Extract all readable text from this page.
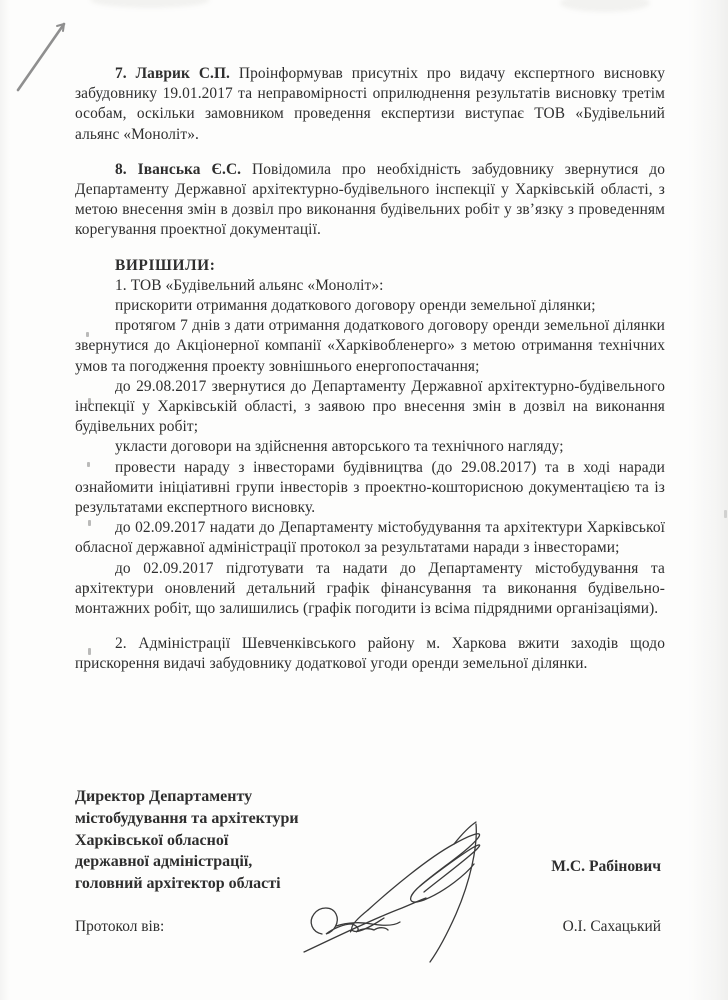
7. Лаврик С.П. Проінформував присутніх про видачу експертного висновку забудовнику 19.01.2017 та неправомірності оприлюднення результатів висновку третім особам, оскільки замовником проведення експертизи виступає ТОВ «Будівельний альянс «Моноліт».

8. Іванська Є.С. Повідомила про необхідність забудовнику звернутися до Департаменту Державної архітектурно-будівельного інспекції у Харківській області, з метою внесення змін в дозвіл про виконання будівельних робіт у зв’язку з проведенням корегування проектної документації.

ВИРІШИЛИ:

1. ТОВ «Будівельний альянс «Моноліт»:

прискорити отримання додаткового договору оренди земельної ділянки;

протягом 7 днів з дати отримання додаткового договору оренди земельної ділянки звернутися до Акціонерної компанії «Харківобленерго» з метою отримання технічних умов та погодження проекту зовнішнього енергопостачання;

до 29.08.2017 звернутися до Департаменту Державної архітектурно-будівельного інспекції у Харківській області, з заявою про внесення змін в дозвіл на виконання будівельних робіт;

укласти договори на здійснення авторського та технічного нагляду;

провести нараду з інвесторами будівництва (до 29.08.2017) та в ході наради ознайомити ініціативні групи інвесторів з проектно-кошторисною документацією та із результатами експертного висновку.

до 02.09.2017 надати до Департаменту містобудування та архітектури Харківської обласної державної адміністрації протокол за результатами наради з інвесторами;

до 02.09.2017 підготувати та надати до Департаменту містобудування та архітектури оновлений детальний графік фінансування та виконання будівельно-монтажних робіт, що залишились (графік погодити із всіма підрядними організаціями).

2. Адміністрації Шевченківського району м. Харкова вжити заходів щодо прискорення видачі забудовнику додаткової угоди оренди земельної ділянки.

Директор Департаменту

містобудування та архітектури

Харківської обласної

державної адміністрації,

головний архітектор області

М.С. Рабінович
Протокол вів:	О.І. Сахацький
